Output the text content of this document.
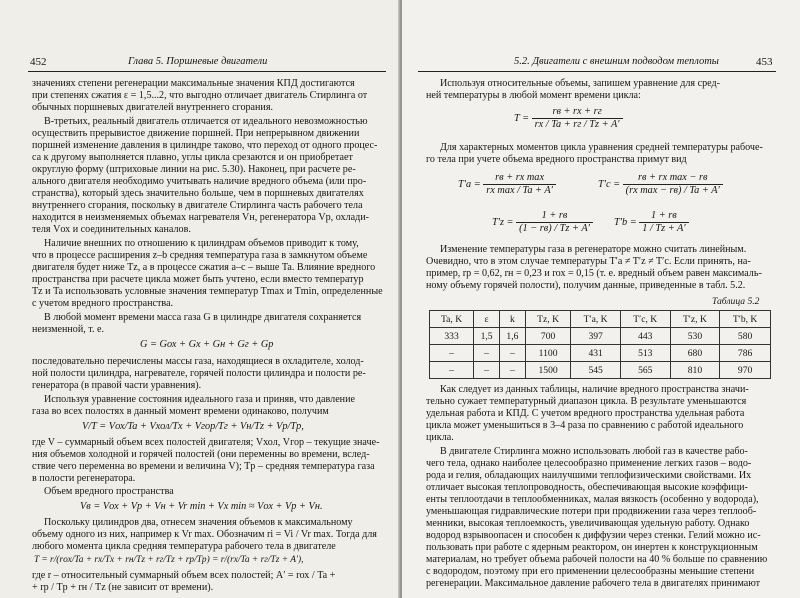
452	Глава 5. Поршневые двигатели
значениях степени регенерации максимальные значения КПД достигаются
при степенях сжатия ε = 1,5...2, что выгодно отличает двигатель Стирлинга от
обычных поршневых двигателей внутреннего сгорания.
В-третьих, реальный двигатель отличается от идеального невозможностью
осуществить прерывистое движение поршней. При непрерывном движении
поршней изменение давления в цилиндре таково, что переход от одного процес-
са к другому выполняется плавно, углы цикла срезаются и он приобретает
округлую форму (штриховые линии на рис. 5.30). Наконец, при расчете ре-
ального двигателя необходимо учитывать наличие вредного объема (или про-
странства), который здесь значительно больше, чем в поршневых двигателях
внутреннего сгорания, поскольку в двигателе Стирлинга часть рабочего тела
находится в неизменяемых объемах нагревателя Vн, регенератора Vр, охлади-
теля Vох и соединительных каналов.
Наличие внешних по отношению к цилиндрам объемов приводит к тому,
что в процессе расширения z–b средняя температура газа в замкнутом объеме
двигателя будет ниже Tz, а в процессе сжатия a–c – выше Ta. Влияние вредного
пространства при расчете цикла может быть учтено, если вместо температур
Tz и Ta использовать условные значения температур Tmax и Tmin, определенные
с учетом вредного пространства.
В любой момент времени масса газа G в цилиндре двигателя сохраняется
неизменной, т. е.
G = Gох + Gх + Gн + Gг + Gр
последовательно перечислены массы газа, находящиеся в охладителе, холод-
ной полости цилиндра, нагревателе, горячей полости цилиндра и полости ре-
генератора (в правой части уравнения).
Используя уравнение состояния идеального газа и приняв, что давление
газа во всех полостях в данный момент времени одинаково, получим
V/T = Vох/Ta + Vхол/Tx + Vгор/Tг + Vн/Tz + Vр/Tр,
где V – суммарный объем всех полостей двигателя; Vхол, Vгор – текущие значе-
ния объемов холодной и горячей полостей (они переменны во времени, вслед-
ствие чего переменна во времени и величина V); Tр – средняя температура газа
в полости регенератора.
Объем вредного пространства
Vв = Vох + Vр + Vн + Vr min + Vx min ≈ Vох + Vр + Vн.
Поскольку цилиндров два, отнесем значения объемов к максимальному
объему одного из них, например к Vr max. Обозначим ri = Vi / Vr max. Тогда для
любого момента цикла средняя температура рабочего тела в двигателе
T = r/(rох/Ta + rx/Tx + rн/Tz + rг/Tz + rр/Tр) = r/(rx/Ta + rг/Tz + A′),
где r – относительный суммарный объем всех полостей; A′ = rох / Ta +
+ rр / Tр + rн / Tz (не зависит от времени).
5.2. Двигатели с внешним подводом теплоты	453
Используя относительные объемы, запишем уравнение для сред-
ней температуры в любой момент времени цикла:
$T = \frac{rв + rх + rг}{rх / Ta + rг / Tz + A'}$
Для характерных моментов цикла уравнения средней температуры рабоче-
го тела при учете объема вредного пространства примут вид
$T'a = \frac{\text{rв + rх max}}{\text{rх max / Ta + A′}}$	$T'c = \frac{\text{rв + rх max − rв}}{\text{(rх max − rв) / Ta + A′}}$
$T'z = \frac{1 + rв}{(1 - rв) / Tz + A'} T'b = \frac{1 + rв}{1 / Tz + A'}$
Изменение температуры газа в регенераторе можно считать линейным.
Очевидно, что в этом случае температуры T′a ≠ T′z ≠ T′c. Если принять, на-
пример, rр = 0,62, rн = 0,23 и rох = 0,15 (т. е. вредный объем равен максималь-
ному объему горячей полости), получим данные, приведенные в табл. 5.2.
Таблица 5.2
Ta, K	ε	k	Tz, K	T′a, K	T′c, K	T′z, K	T′b, K
333	1,5	1,6	700	397	443	530	580
–	–	–	1100	431	513	680	786
–	–	–	1500	545	565	810	970
Как следует из данных таблицы, наличие вредного пространства значи-
тельно сужает температурный диапазон цикла. В результате уменьшаются
удельная работа и КПД. С учетом вредного пространства удельная работа
цикла может уменьшиться в 3–4 раза по сравнению с работой идеального
цикла.
В двигателе Стирлинга можно использовать любой газ в качестве рабо-
чего тела, однако наиболее целесообразно применение легких газов – водо-
рода и гелия, обладающих наилучшими теплофизическими свойствами. Их
отличает высокая теплопроводность, обеспечивающая высокие коэффици-
енты теплоотдачи в теплообменниках, малая вязкость (особенно у водорода),
уменьшающая гидравлические потери при продвижении газа через теплооб-
менники, высокая теплоемкость, увеличивающая удельную работу. Однако
водород взрывоопасен и способен к диффузии через стенки. Гелий можно ис-
пользовать при работе с ядерным реактором, он инертен к конструкционным
материалам, но требует объема рабочей полости на 40 % больше по сравнению
с водородом, поэтому при его применении целесообразны меньшие степени
регенерации. Максимальное давление рабочего тела в двигателях принимают
